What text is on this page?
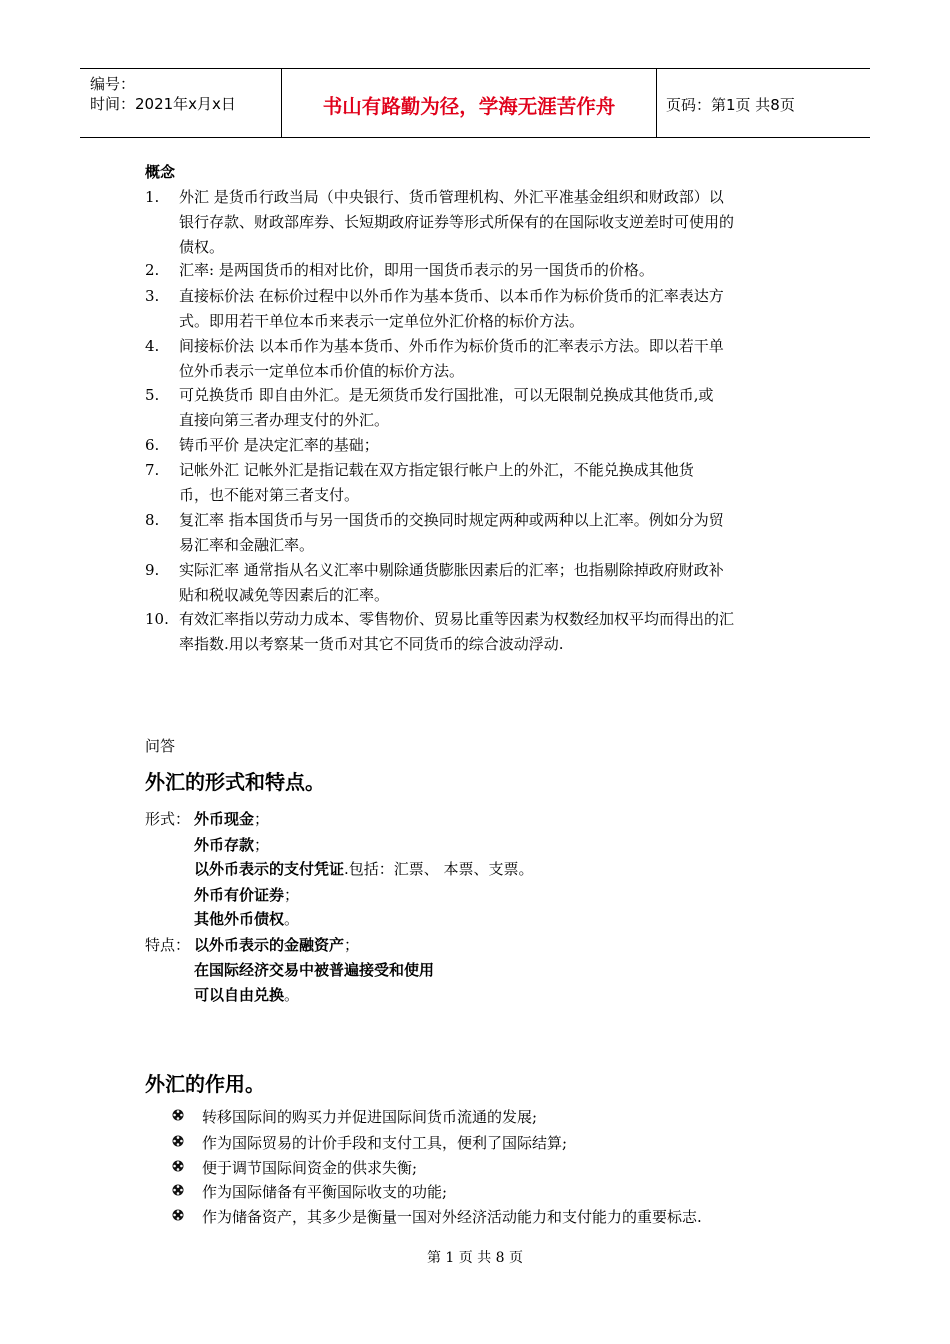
编号：
时间：2021年x月x日	书山有路勤为径，学海无涯苦作舟	页码：第1页 共8页
概念
1.	外汇 是货币行政当局（中央银行、货币管理机构、外汇平准基金组织和财政部）以
银行存款、财政部库券、长短期政府证券等形式所保有的在国际收支逆差时可使用的
债权。
2.	汇率: 是两国货币的相对比价，即用一国货币表示的另一国货币的价格。
3.	直接标价法 在标价过程中以外币作为基本货币、以本币作为标价货币的汇率表达方
式。即用若干单位本币来表示一定单位外汇价格的标价方法。
4.	间接标价法 以本币作为基本货币、外币作为标价货币的汇率表示方法。即以若干单
位外币表示一定单位本币价值的标价方法。
5.	可兑换货币 即自由外汇。是无须货币发行国批准，可以无限制兑换成其他货币,或
直接向第三者办理支付的外汇。
6.	铸币平价 是决定汇率的基础；
7.	记帐外汇 记帐外汇是指记载在双方指定银行帐户上的外汇，不能兑换成其他货
币，也不能对第三者支付。
8.	复汇率 指本国货币与另一国货币的交换同时规定两种或两种以上汇率。例如分为贸
易汇率和金融汇率。
9.	实际汇率 通常指从名义汇率中剔除通货膨胀因素后的汇率；也指剔除掉政府财政补
贴和税収减免等因素后的汇率。
10. 有效汇率指以劳动力成本、零售物价、贸易比重等因素为权数经加权平均而得出的汇
率指数.用以考察某一货币对其它不同货币的综合波动浮动.
问答
外汇的形式和特点。
形式： 外币现金；
外币存款；
以外币表示的支付凭证.包括：汇票、 本票、支票。
外币有价证券；
其他外币债权。
特点： 以外币表示的金融资产；
在国际经济交易中被普遍接受和使用
可以自由兑换。
外汇的作用。
转移国际间的购买力并促进国际间货币流通的发展;
作为国际贸易的计价手段和支付工具，便利了国际结算;
便于调节国际间资金的供求失衡;
作为国际储备有平衡国际收支的功能;
作为储备资产，其多少是衡量一国对外经济活动能力和支付能力的重要标志.
第 1 页 共 8 页
